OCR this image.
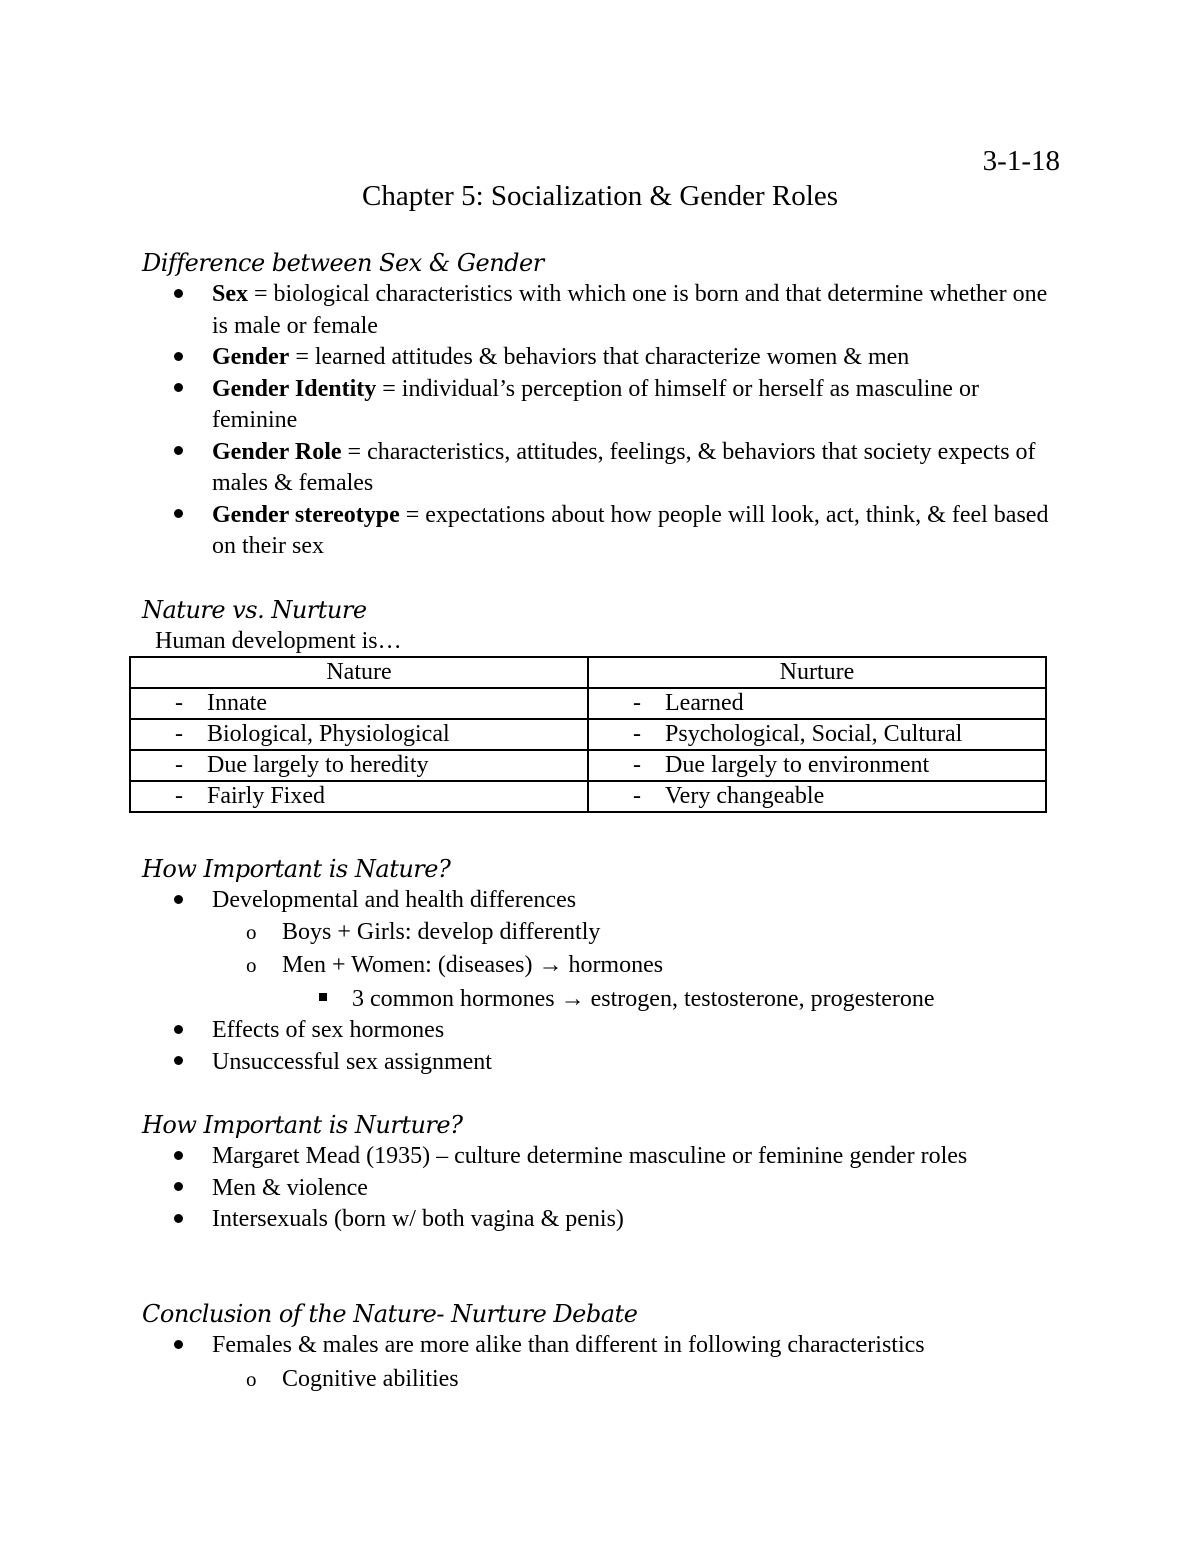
3-1-18
Chapter 5: Socialization & Gender Roles
Difference between Sex & Gender
Sex = biological characteristics with which one is born and that determine whether one is male or female
Gender = learned attitudes & behaviors that characterize women & men
Gender Identity = individual’s perception of himself or herself as masculine or feminine
Gender Role = characteristics, attitudes, feelings, & behaviors that society expects of males & females
Gender stereotype = expectations about how people will look, act, think, & feel based on their sex
Nature vs. Nurture
Human development is…
Nature	Nurture
- Innate	- Learned
- Biological, Physiological	- Psychological, Social, Cultural
- Due largely to heredity	- Due largely to environment
- Fairly Fixed	- Very changeable
How Important is Nature?
Developmental and health differences
o Boys + Girls: develop differently
o Men + Women: (diseases) → hormones
3 common hormones → estrogen, testosterone, progesterone
Effects of sex hormones
Unsuccessful sex assignment
How Important is Nurture?
Margaret Mead (1935) – culture determine masculine or feminine gender roles
Men & violence
Intersexuals (born w/ both vagina & penis)
Conclusion of the Nature- Nurture Debate
Females & males are more alike than different in following characteristics
o Cognitive abilities
